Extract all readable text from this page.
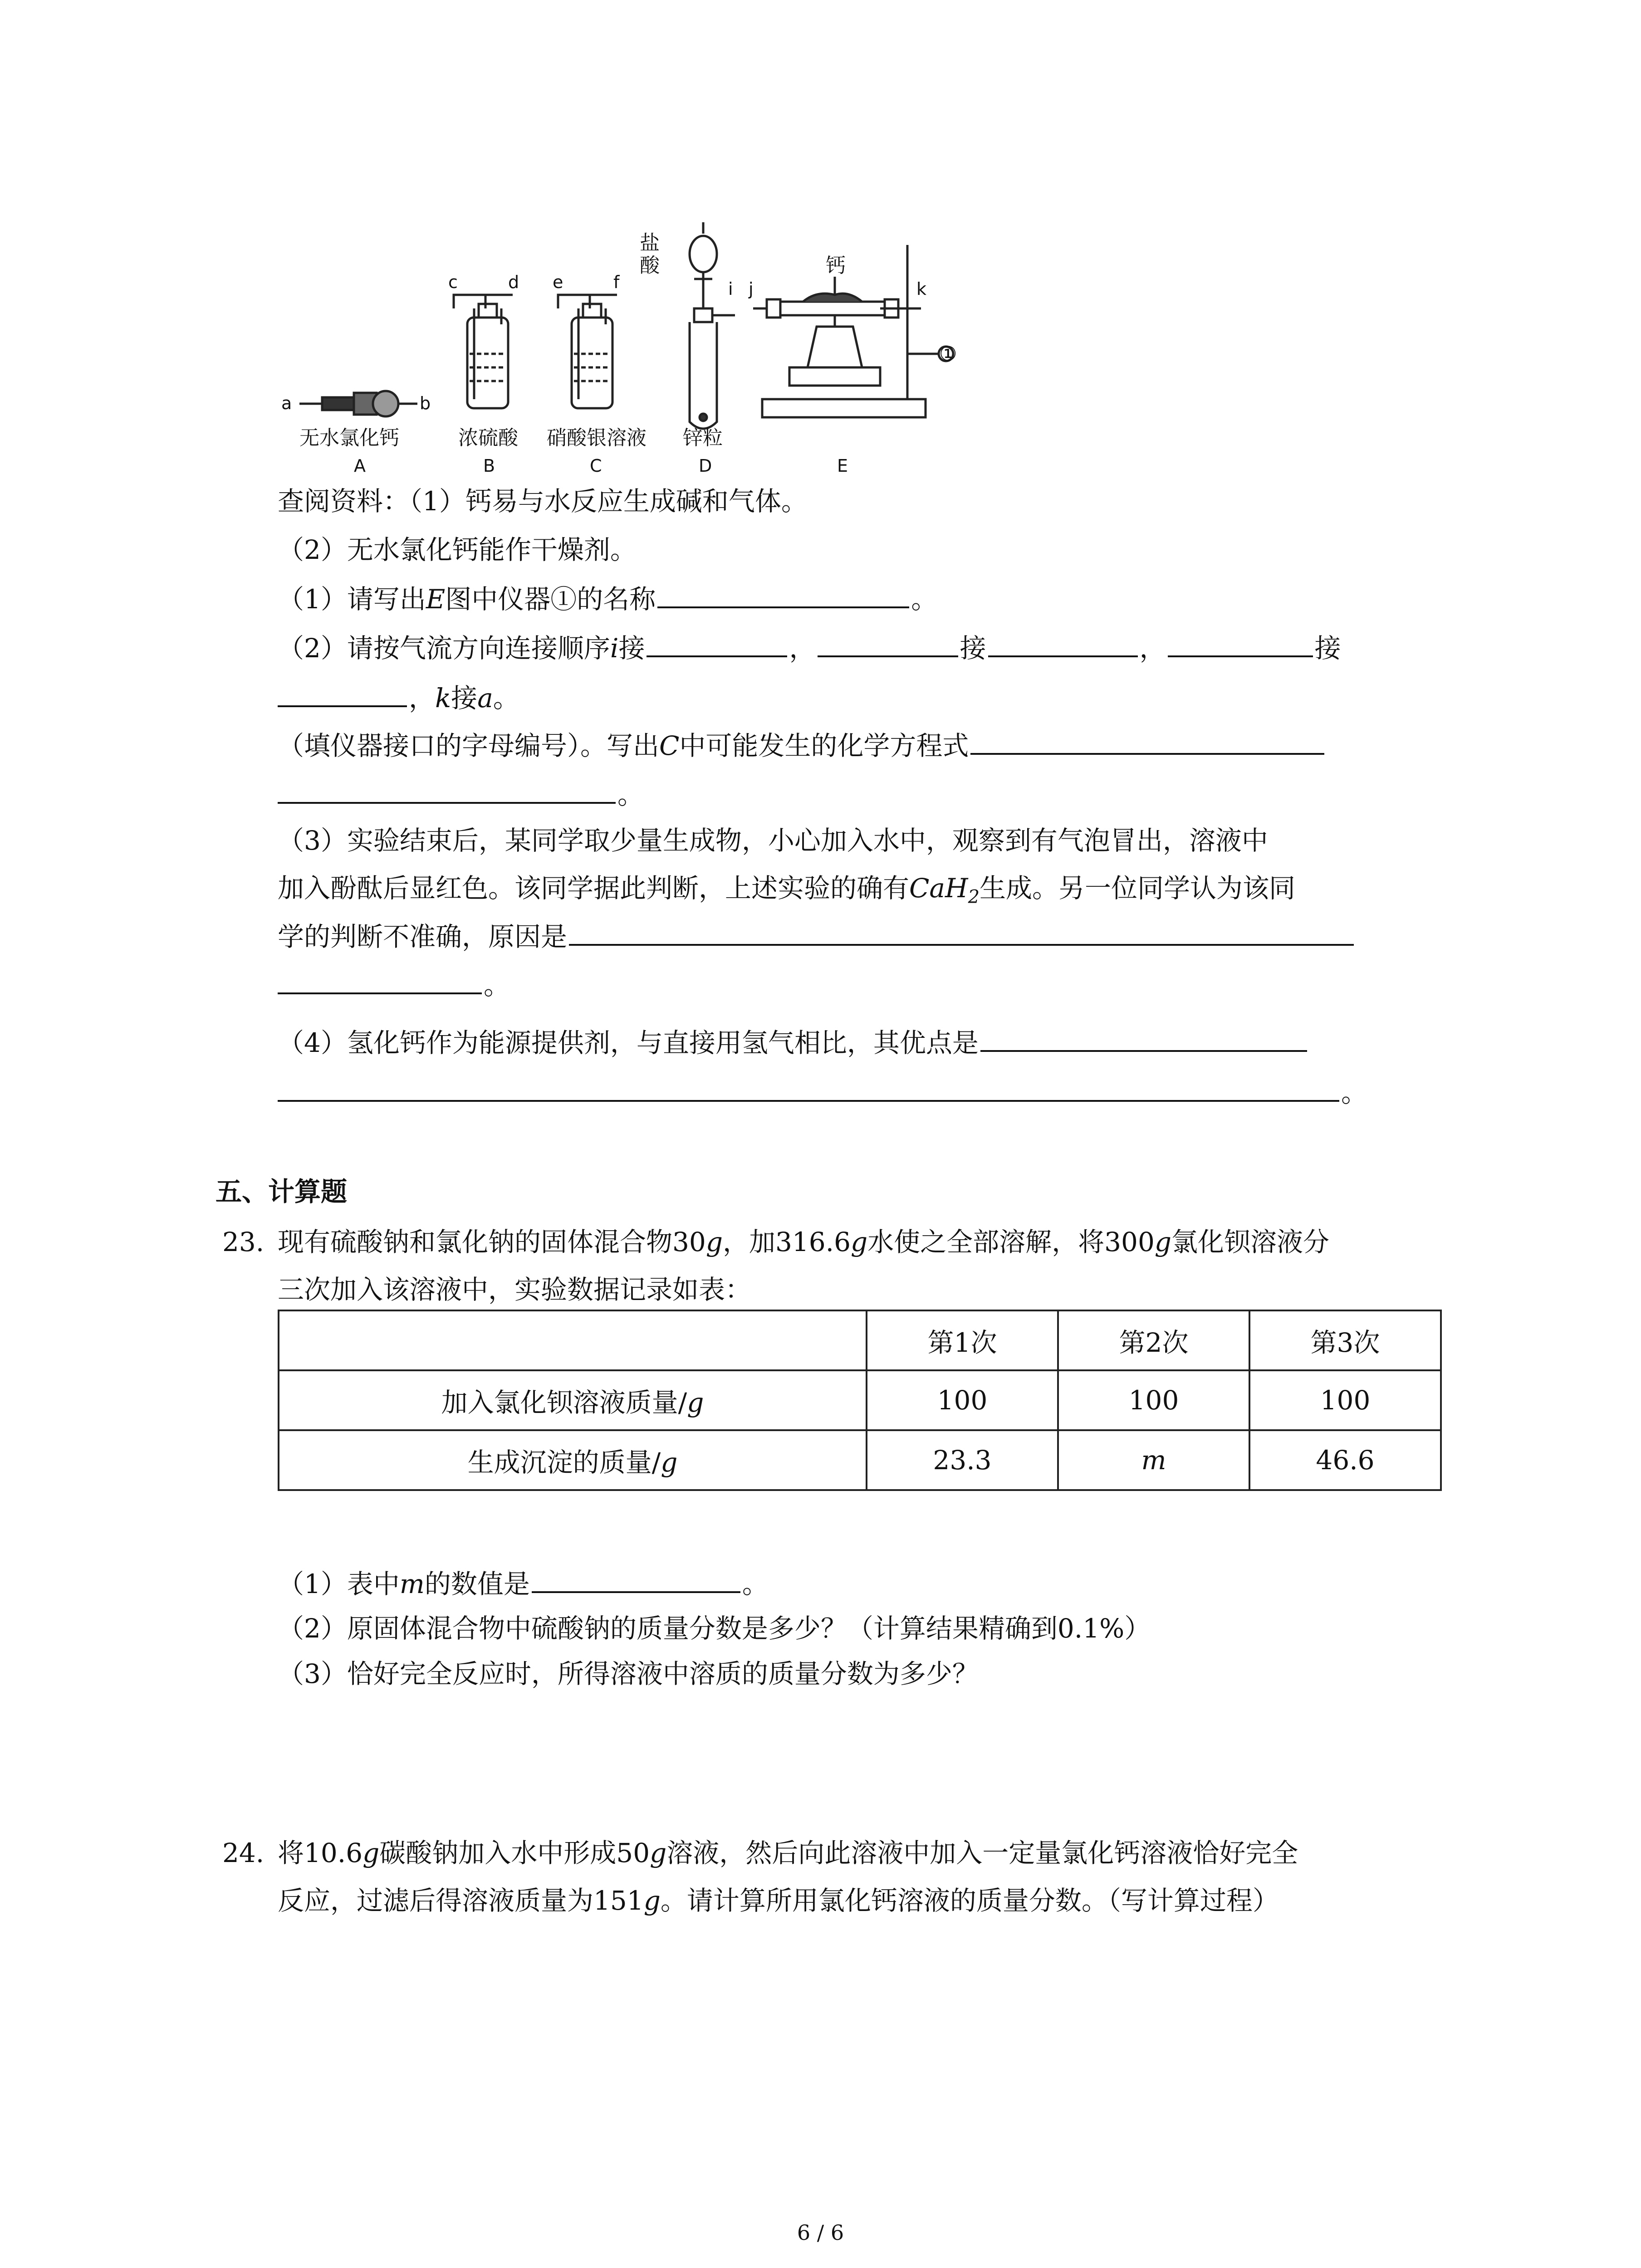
a	b
c	d e	f	i j	k
盐
酸	钙
①
无水氯化钙
A
浓硫酸
B
硝酸银溶液
C
锌粒
D	E
查阅资料：（1）钙易与水反应生成碱和气体。
（2）无水氯化钙能作干燥剂。
（1）请写出E图中仪器①的名称	。
（2）请按气流方向连接顺序i接	，	接	，	接
，k接a。
（填仪器接口的字母编号）。写出C中可能发生的化学方程式
。
（3）实验结束后，某同学取少量生成物，小心加入水中，观察到有气泡冒出，溶液中
加入酚酞后显红色。该同学据此判断，上述实验的确有CaH$_2$生成。另一位同学认为该同
学的判断不准确，原因是
。
（4）氢化钙作为能源提供剂，与直接用氢气相比，其优点是
。
五、计算题
23. 现有硫酸钠和氯化钠的固体混合物30g，加316.6g水使之全部溶解，将300g氯化钡溶液分
三次加入该溶液中，实验数据记录如表：
	第1次	第2次	第3次
加入氯化钡溶液质量/g	100	100	100
生成沉淀的质量/g	23.3	m	46.6
（1）表中m的数值是	。
（2）原固体混合物中硫酸钠的质量分数是多少？（计算结果精确到0.1%）
（3）恰好完全反应时，所得溶液中溶质的质量分数为多少？
24. 将10.6g碳酸钠加入水中形成50g溶液，然后向此溶液中加入一定量氯化钙溶液恰好完全
反应，过滤后得溶液质量为151g。请计算所用氯化钙溶液的质量分数。（写计算过程）
6 / 6
